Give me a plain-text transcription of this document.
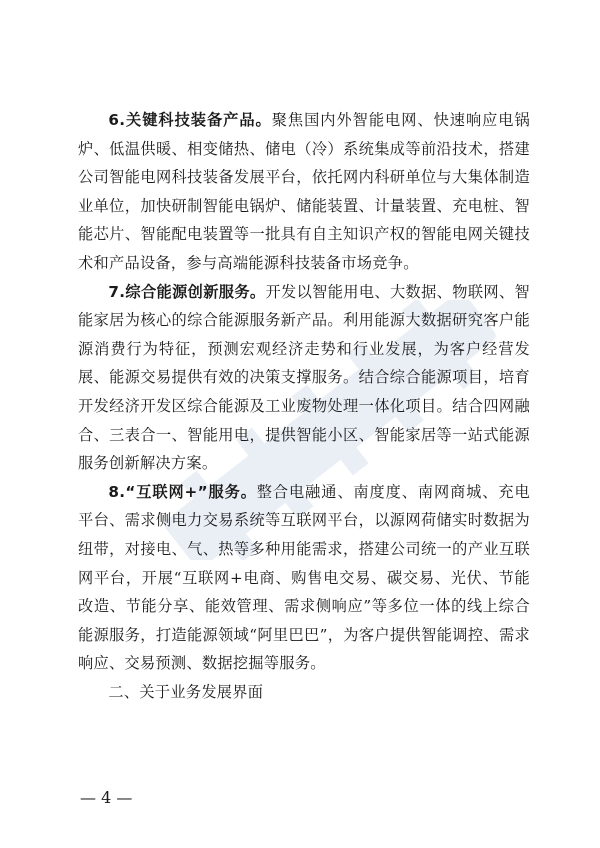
6.关键科技装备产品。聚焦国内外智能电网、快速响应电锅炉、低温供暖、相变储热、储电（冷）系统集成等前沿技术，搭建公司智能电网科技装备发展平台，依托网内科研单位与大集体制造业单位，加快研制智能电锅炉、储能装置、计量装置、充电桩、智能芯片、智能配电装置等一批具有自主知识产权的智能电网关键技术和产品设备，参与高端能源科技装备市场竞争。

7.综合能源创新服务。开发以智能用电、大数据、物联网、智能家居为核心的综合能源服务新产品。利用能源大数据研究客户能源消费行为特征，预测宏观经济走势和行业发展，为客户经营发展、能源交易提供有效的决策支撑服务。结合综合能源项目，培育开发经济开发区综合能源及工业废物处理一体化项目。结合四网融合、三表合一、智能用电，提供智能小区、智能家居等一站式能源服务创新解决方案。

8.“互联网+”服务。整合电融通、南度度、南网商城、充电平台、需求侧电力交易系统等互联网平台，以源网荷储实时数据为纽带，对接电、气、热等多种用能需求，搭建公司统一的产业互联网平台，开展“互联网+电商、购售电交易、碳交易、光伏、节能改造、节能分享、能效管理、需求侧响应”等多位一体的线上综合能源服务，打造能源领域“阿里巴巴”，为客户提供智能调控、需求响应、交易预测、数据挖掘等服务。

二、关于业务发展界面

— 4 —
